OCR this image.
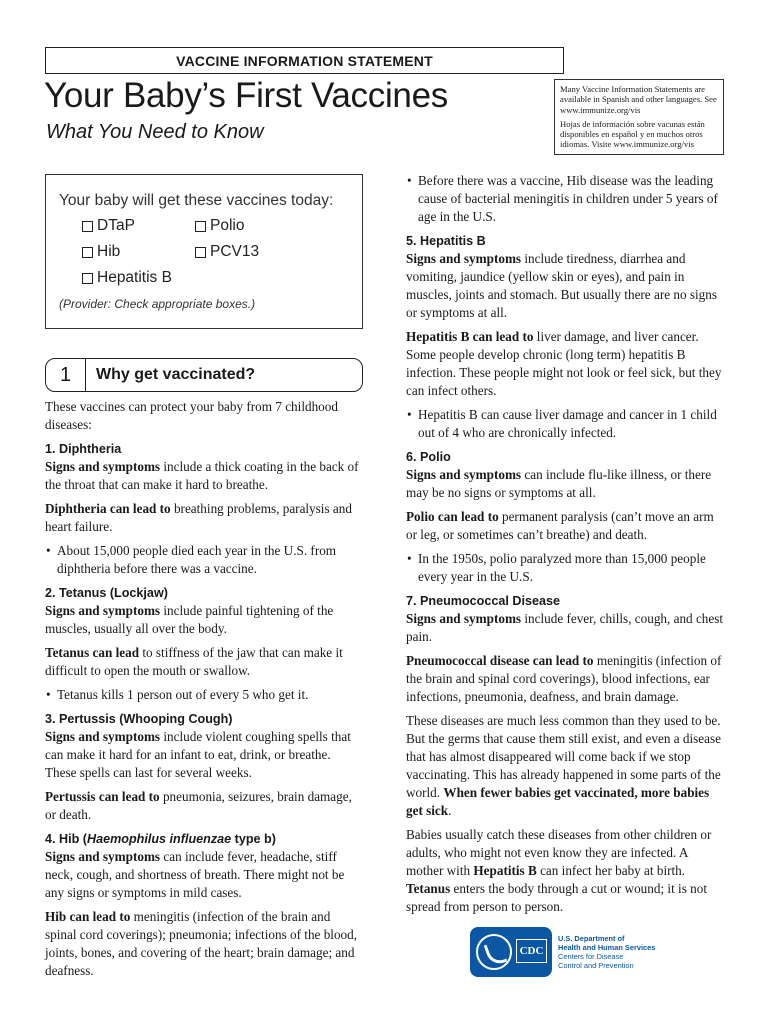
VACCINE INFORMATION STATEMENT
Your Baby’s First Vaccines
What You Need to Know

Many Vaccine Information Statements are available in Spanish and other languages. See www.immunize.org/vis

Hojas de información sobre vacunas están disponibles en español y en muchos otros idiomas. Visite www.immunize.org/vis

Your baby will get these vaccines today:
DTaP	Polio
Hib	PCV13
Hepatitis B
(Provider: Check appropriate boxes.)
1	Why get vaccinated?

These vaccines can protect your baby from 7 childhood diseases:

1. Diphtheria

Signs and symptoms include a thick coating in the back of the throat that can make it hard to breathe.

Diphtheria can lead to breathing problems, paralysis and heart failure.

• About 15,000 people died each year in the U.S. from diphtheria before there was a vaccine.

2. Tetanus (Lockjaw)

Signs and symptoms include painful tightening of the muscles, usually all over the body.

Tetanus can lead to stiffness of the jaw that can make it difficult to open the mouth or swallow.

• Tetanus kills 1 person out of every 5 who get it.

3. Pertussis (Whooping Cough)

Signs and symptoms include violent coughing spells that can make it hard for an infant to eat, drink, or breathe. These spells can last for several weeks.

Pertussis can lead to pneumonia, seizures, brain damage, or death.

4. Hib (Haemophilus influenzae type b)

Signs and symptoms can include fever, headache, stiff neck, cough, and shortness of breath. There might not be any signs or symptoms in mild cases.

Hib can lead to meningitis (infection of the brain and spinal cord coverings); pneumonia; infections of the blood, joints, bones, and covering of the heart; brain damage; and deafness.

• Before there was a vaccine, Hib disease was the leading cause of bacterial meningitis in children under 5 years of age in the U.S.

5. Hepatitis B

Signs and symptoms include tiredness, diarrhea and vomiting, jaundice (yellow skin or eyes), and pain in muscles, joints and stomach. But usually there are no signs or symptoms at all.

Hepatitis B can lead to liver damage, and liver cancer. Some people develop chronic (long term) hepatitis B infection. These people might not look or feel sick, but they can infect others.

• Hepatitis B can cause liver damage and cancer in 1 child out of 4 who are chronically infected.

6. Polio

Signs and symptoms can include flu-like illness, or there may be no signs or symptoms at all.

Polio can lead to permanent paralysis (can’t move an arm or leg, or sometimes can’t breathe) and death.

• In the 1950s, polio paralyzed more than 15,000 people every year in the U.S.

7. Pneumococcal Disease

Signs and symptoms include fever, chills, cough, and chest pain.

Pneumococcal disease can lead to meningitis (infection of the brain and spinal cord coverings), blood infections, ear infections, pneumonia, deafness, and brain damage.

These diseases are much less common than they used to be. But the germs that cause them still exist, and even a disease that has almost disappeared will come back if we stop vaccinating. This has already happened in some parts of the world. When fewer babies get vaccinated, more babies get sick.

Babies usually catch these diseases from other children or adults, who might not even know they are infected. A mother with Hepatitis B can infect her baby at birth. Tetanus enters the body through a cut or wound; it is not spread from person to person.

CDC
U.S. Department of
Health and Human Services
Centers for Disease
Control and Prevention
